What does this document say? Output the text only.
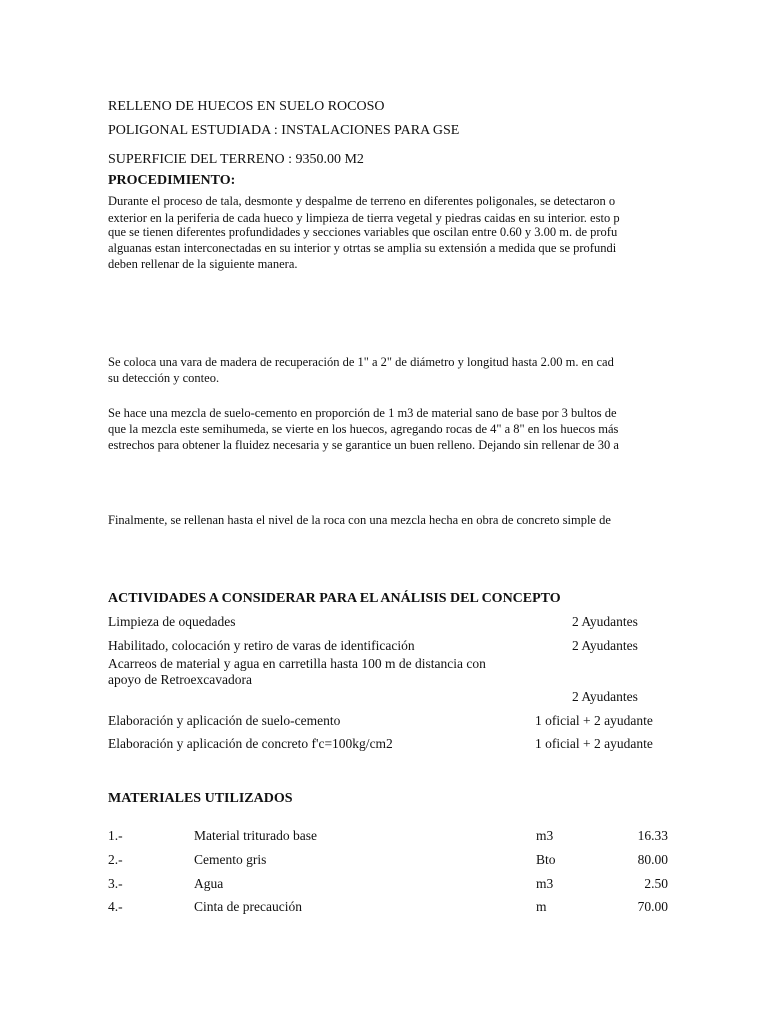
RELLENO DE HUECOS EN SUELO ROCOSO
POLIGONAL ESTUDIADA : INSTALACIONES PARA GSE
SUPERFICIE DEL TERRENO : 9350.00 M2
PROCEDIMIENTO:
Durante el proceso de tala, desmonte y despalme de terreno en diferentes poligonales, se detectaron o
exterior en la periferia de cada hueco y limpieza de tierra vegetal y piedras caidas en su interior. esto p
que se tienen diferentes profundidades y secciones variables que oscilan entre 0.60 y 3.00 m. de profu
alguanas estan interconectadas en su interior y otrtas se amplia su extensión a medida que se profundi
deben rellenar de la siguiente manera.
Se coloca una vara de madera de recuperación de 1" a 2" de diámetro y longitud hasta 2.00 m. en cad
su detección y conteo.
Se hace una mezcla de suelo-cemento en proporción de 1 m3 de material sano de base por 3 bultos de
que la mezcla este semihumeda, se vierte en los huecos, agregando rocas de 4" a 8" en los huecos más
estrechos para obtener la fluidez necesaria y se garantice un buen relleno. Dejando sin rellenar de 30 a
Finalmente, se rellenan hasta el nivel de la roca con una mezcla hecha en obra de concreto simple de
ACTIVIDADES A CONSIDERAR PARA EL ANÁLISIS DEL CONCEPTO
Limpieza de oquedades	2 Ayudantes
Habilitado, colocación y retiro de varas de identificación	2 Ayudantes
Acarreos de material y agua en carretilla hasta 100 m de distancia con
apoyo de Retroexcavadora
2 Ayudantes
Elaboración y aplicación de suelo-cemento	1 oficial + 2 ayudante
Elaboración y aplicación de concreto f'c=100kg/cm2	1 oficial + 2 ayudante
MATERIALES UTILIZADOS
1.-	Material triturado base	m3	16.33
2.-	Cemento gris	Bto	80.00
3.-	Agua	m3	2.50
4.-	Cinta de precaución	m	70.00
